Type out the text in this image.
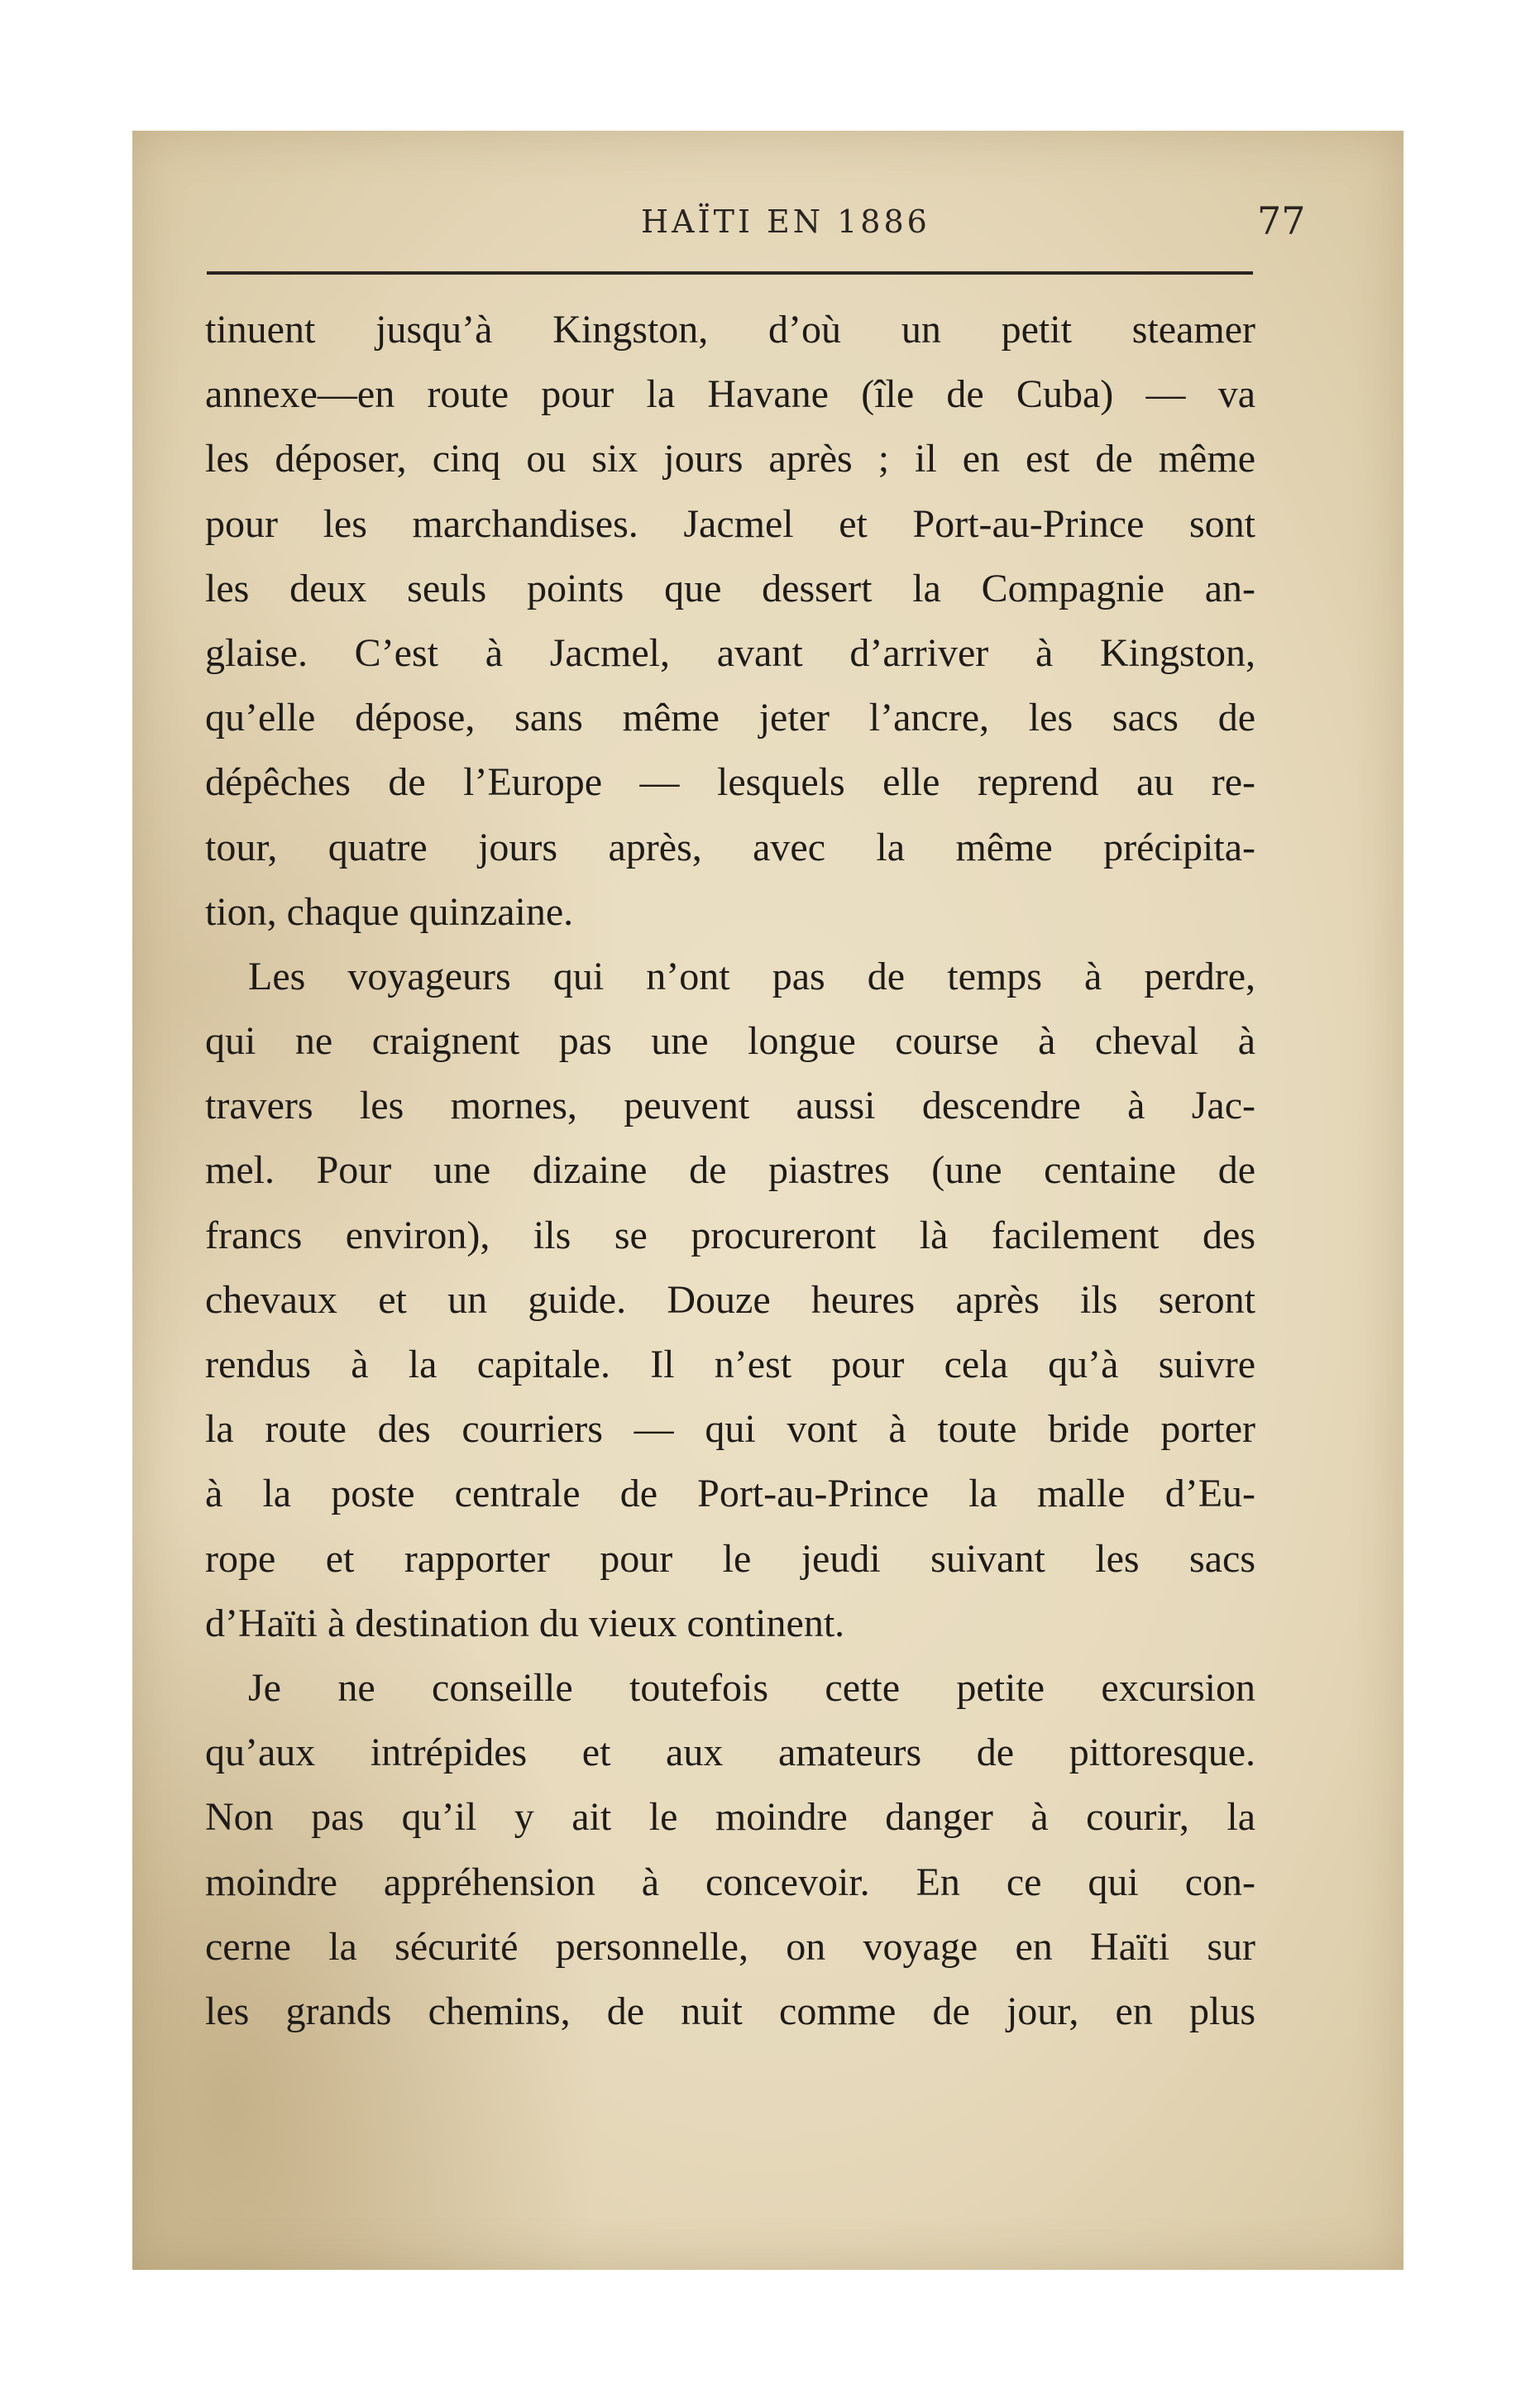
HAÏTI EN 1886	77
tinuent jusqu’à Kingston, d’où un petit steamer
annexe—en route pour la Havane (île de Cuba) — va
les déposer, cinq ou six jours après ; il en est de même
pour les marchandises. Jacmel et Port-au-Prince sont
les deux seuls points que dessert la Compagnie an-
glaise. C’est à Jacmel, avant d’arriver à Kingston,
qu’elle dépose, sans même jeter l’ancre, les sacs de
dépêches de l’Europe — lesquels elle reprend au re-
tour, quatre jours après, avec la même précipita-
tion, chaque quinzaine.
Les voyageurs qui n’ont pas de temps à perdre,
qui ne craignent pas une longue course à cheval à
travers les mornes, peuvent aussi descendre à Jac-
mel. Pour une dizaine de piastres (une centaine de
francs environ), ils se procureront là facilement des
chevaux et un guide. Douze heures après ils seront
rendus à la capitale. Il n’est pour cela qu’à suivre
la route des courriers — qui vont à toute bride porter
à la poste centrale de Port-au-Prince la malle d’Eu-
rope et rapporter pour le jeudi suivant les sacs
d’Haïti à destination du vieux continent.
Je ne conseille toutefois cette petite excursion
qu’aux intrépides et aux amateurs de pittoresque.
Non pas qu’il y ait le moindre danger à courir, la
moindre appréhension à concevoir. En ce qui con-
cerne la sécurité personnelle, on voyage en Haïti sur
les grands chemins, de nuit comme de jour, en plus
